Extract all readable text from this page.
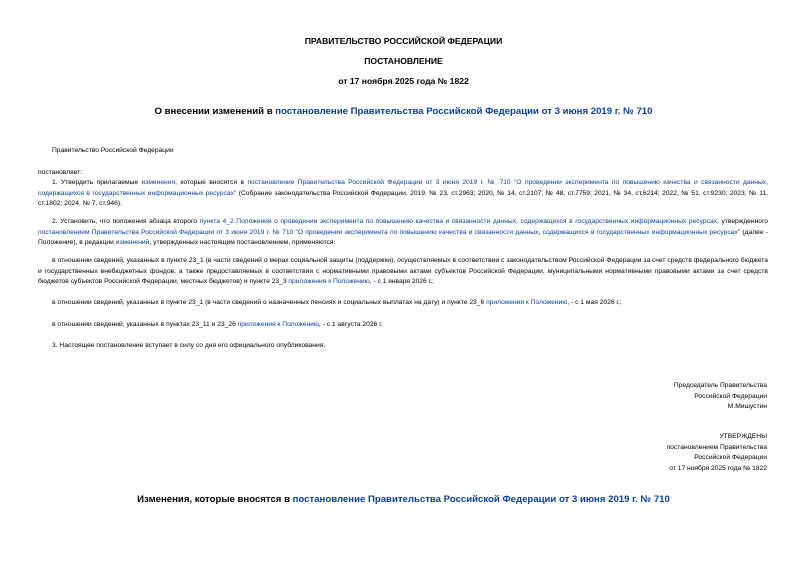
ПРАВИТЕЛЬСТВО РОССИЙСКОЙ ФЕДЕРАЦИИ
ПОСТАНОВЛЕНИЕ
от 17 ноября 2025 года № 1822
О внесении изменений в постановление Правительства Российской Федерации от 3 июня 2019 г. № 710
Правительство Российской Федерации
постановляет:

1. Утвердить прилагаемые изменения, которые вносятся в постановление Правительства Российской Федерации от 3 июня 2019 г. № 710 "О проведении эксперимента по повышению качества и связанности данных, содержащихся в государственных информационных ресурсах" (Собрание законодательства Российской Федерации, 2019, № 23, ст.2963; 2020, № 14, ст.2107; № 48, ст.7759; 2021, № 34, ст.6214; 2022, № 51, ст.9230; 2023, № 11, ст.1802; 2024, № 7, ст.946).

2. Установить, что положения абзаца второго пункта 4_2 Положения о проведении эксперимента по повышению качества и связанности данных, содержащихся в государственных информационных ресурсах, утвержденного постановлением Правительства Российской Федерации от 3 июня 2019 г. № 710 "О проведении эксперимента по повышению качества и связанности данных, содержащихся в государственных информационных ресурсах" (далее - Положение), в редакции изменений, утвержденных настоящим постановлением, применяются:

в отношении сведений, указанных в пункте 23_1 (в части сведений о мерах социальной защиты (поддержки), осуществляемых в соответствии с законодательством Российской Федерации за счет средств федерального бюджета и государственных внебюджетных фондов, а также предоставляемых в соответствии с нормативными правовыми актами субъектов Российской Федерации, муниципальными нормативными правовыми актами за счет средств бюджетов субъектов Российской Федерации, местных бюджетов) и пункте 23_3 приложения к Положению, - с 1 января 2026 г.;

в отношении сведений, указанных в пункте 23_1 (в части сведений о назначенных пенсиях и социальных выплатах на дату) и пункте 23_6 приложения к Положению, - с 1 мая 2026 г.;

в отношении сведений, указанных в пунктах 23_11 и 23_26 приложения к Положению, - с 1 августа 2026 г.

3. Настоящее постановление вступает в силу со дня его официального опубликования.

Председатель Правительства
Российской Федерации
М.Мишустин
УТВЕРЖДЕНЫ
постановлением Правительства
Российской Федерации
от 17 ноября 2025 года № 1822
Изменения, которые вносятся в постановление Правительства Российской Федерации от 3 июня 2019 г. № 710
